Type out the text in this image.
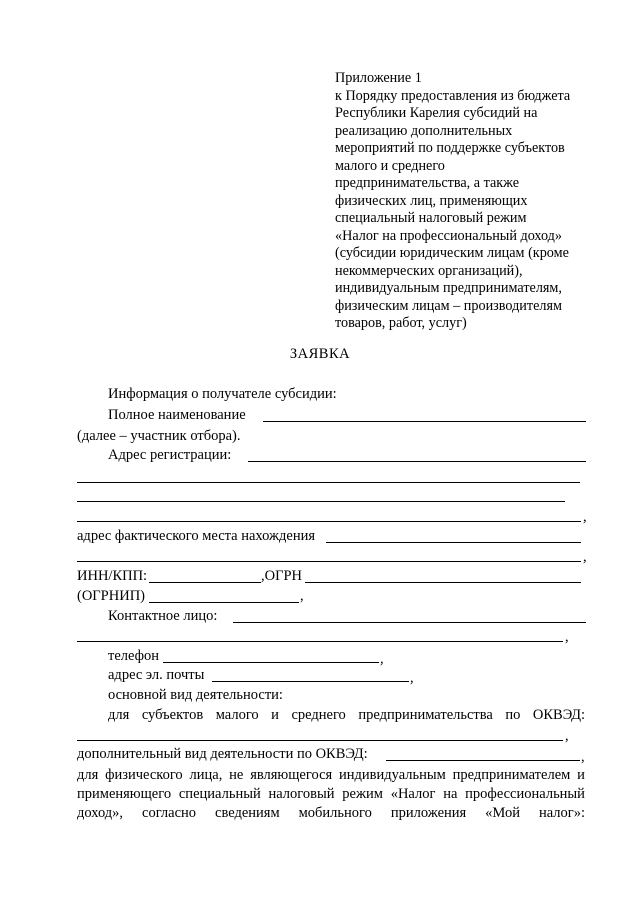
Приложение 1
к Порядку предоставления из бюджета
Республики Карелия субсидий на
реализацию дополнительных
мероприятий по поддержке субъектов
малого и среднего
предпринимательства, а также
физических лиц, применяющих
специальный налоговый режим
«Налог на профессиональный доход»
(субсидии юридическим лицам (кроме
некоммерческих организаций),
индивидуальным предпринимателям,
физическим лицам – производителям
товаров, работ, услуг)
ЗАЯВКА
Информация о получателе субсидии:
Полное наименование
(далее – участник отбора).
Адрес регистрации:
,
адрес фактического места нахождения
,
ИНН/КПП:	,ОГРН
(ОГРНИП)	,
Контактное лицо:
,
телефон	,
адрес эл. почты	,
основной вид деятельности:
для субъектов малого и среднего предпринимательства по ОКВЭД:
,
дополнительный вид деятельности по ОКВЭД:	,
для физического лица, не являющегося индивидуальным предпринимателем и
применяющего специальный налоговый режим «Налог на профессиональный
доход», согласно сведениям мобильного приложения «Мой налог»:
